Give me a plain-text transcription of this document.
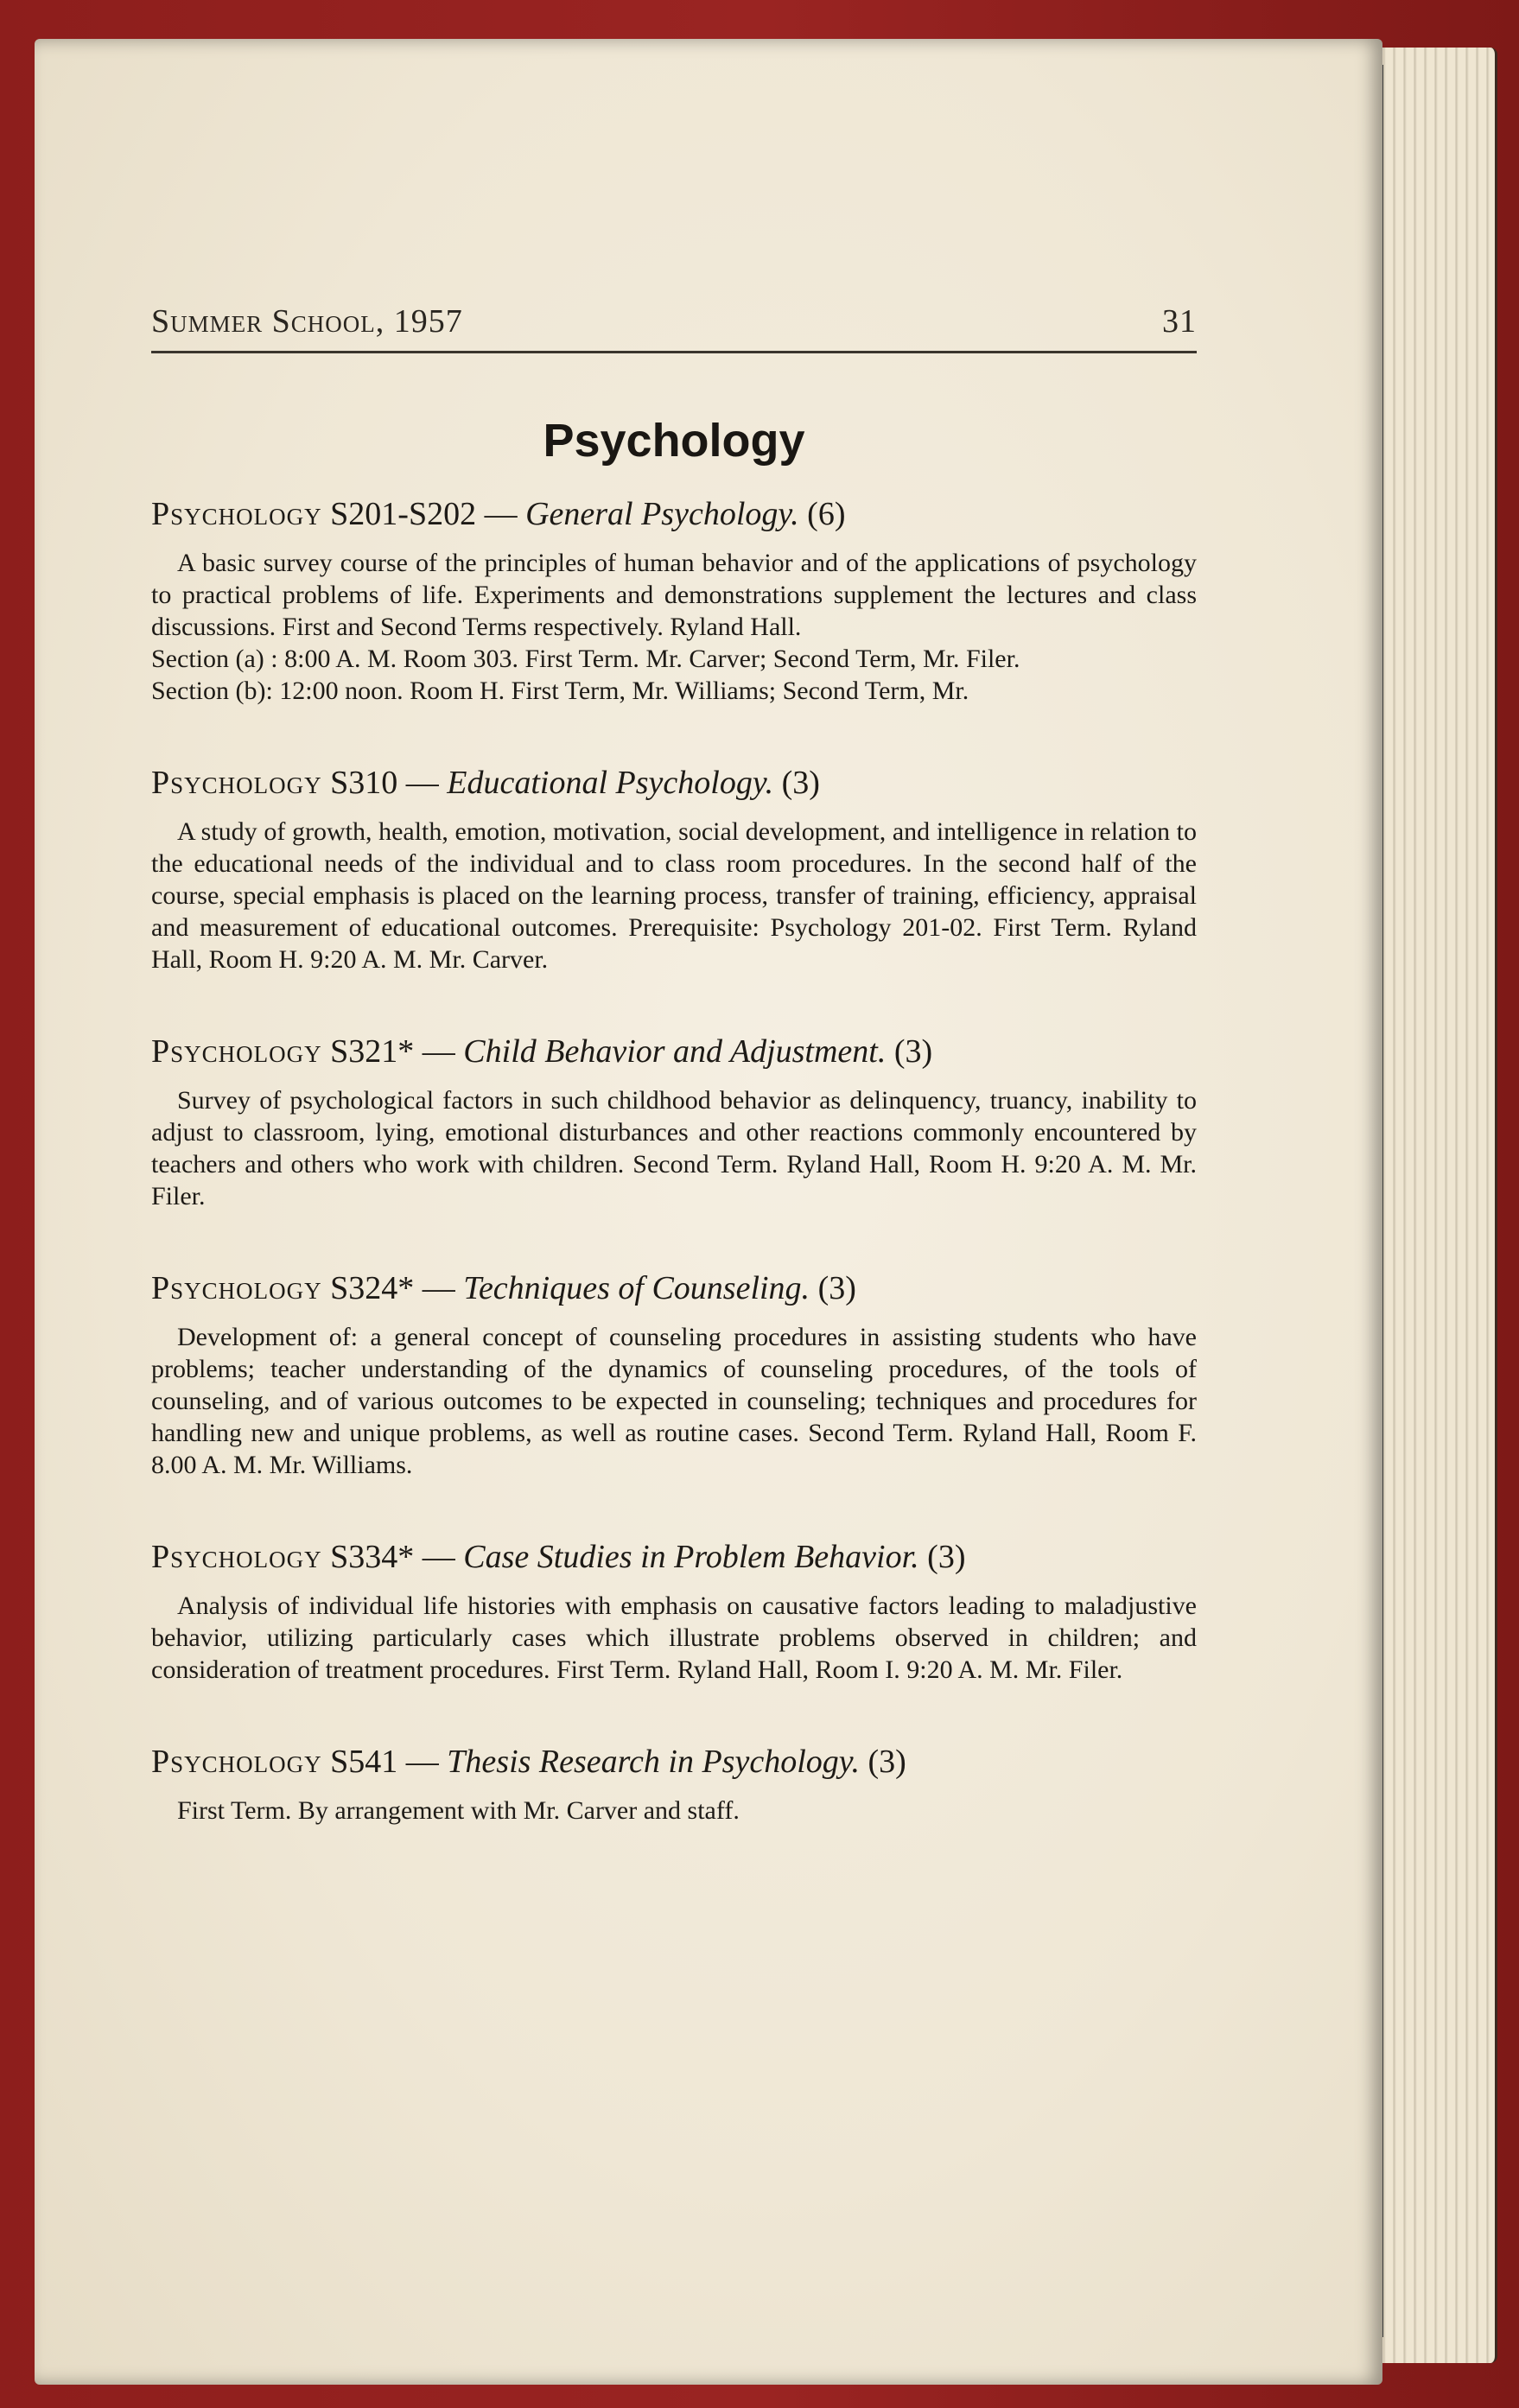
Summer School, 1957	31
Psychology
Psychology S201-S202 — General Psychology. (6)

A basic survey course of the principles of human behavior and of the applications of psychology to practical problems of life. Experiments and demonstrations supplement the lectures and class discussions. First and Second Terms respectively. Ryland Hall.

Section (a) : 8:00 A. M. Room 303. First Term. Mr. Carver; Second Term, Mr. Filer.

Section (b): 12:00 noon. Room H. First Term, Mr. Williams; Second Term, Mr.

Psychology S310 — Educational Psychology. (3)

A study of growth, health, emotion, motivation, social development, and intelligence in relation to the educational needs of the individual and to class room procedures. In the second half of the course, special emphasis is placed on the learning process, transfer of training, efficiency, appraisal and measurement of educational outcomes. Prerequisite: Psychology 201-02. First Term. Ryland Hall, Room H. 9:20 A. M. Mr. Carver.

Psychology S321* — Child Behavior and Adjustment. (3)

Survey of psychological factors in such childhood behavior as delinquency, truancy, inability to adjust to classroom, lying, emotional disturbances and other reactions commonly encountered by teachers and others who work with children. Second Term. Ryland Hall, Room H. 9:20 A. M. Mr. Filer.

Psychology S324* — Techniques of Counseling. (3)

Development of: a general concept of counseling procedures in assisting students who have problems; teacher understanding of the dynamics of counseling procedures, of the tools of counseling, and of various outcomes to be expected in counseling; techniques and procedures for handling new and unique problems, as well as routine cases. Second Term. Ryland Hall, Room F. 8.00 A. M. Mr. Williams.

Psychology S334* — Case Studies in Problem Behavior. (3)

Analysis of individual life histories with emphasis on causative factors leading to maladjustive behavior, utilizing particularly cases which illustrate problems observed in children; and consideration of treatment procedures. First Term. Ryland Hall, Room I. 9:20 A. M. Mr. Filer.

Psychology S541 — Thesis Research in Psychology. (3)

First Term. By arrangement with Mr. Carver and staff.
